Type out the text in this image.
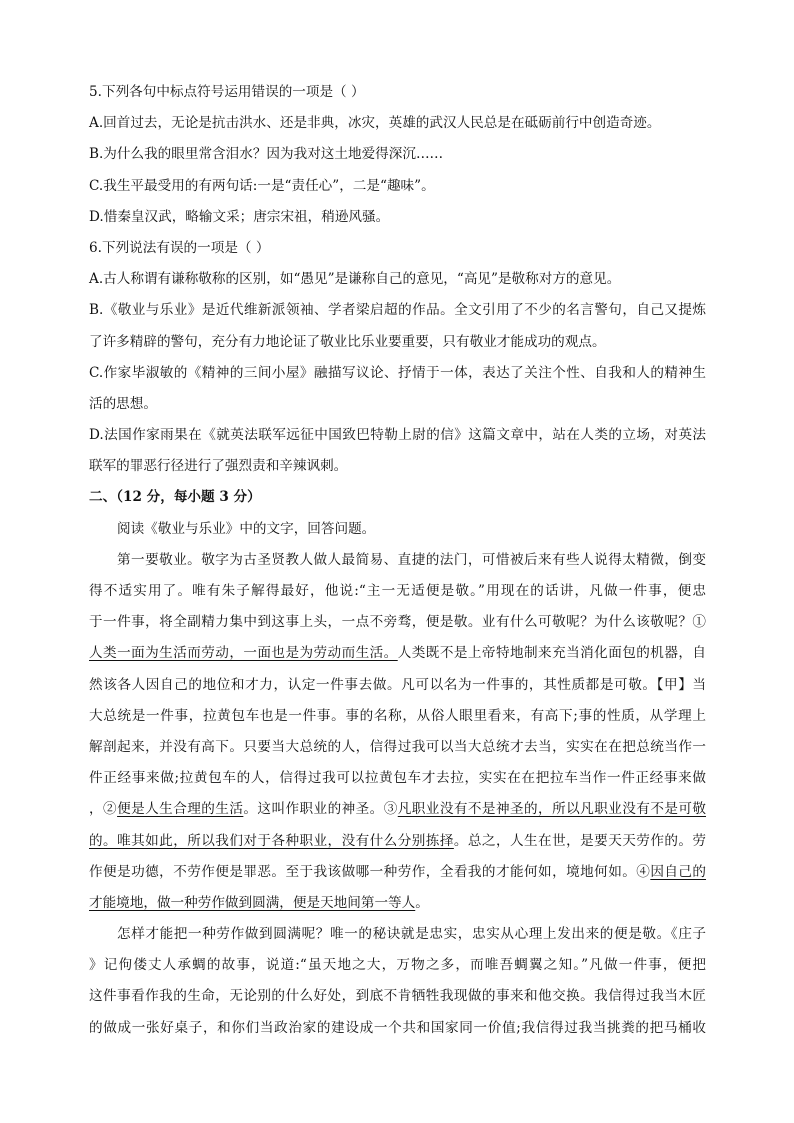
5.下列各句中标点符号运用错误的一项是（ ）
A.回首过去，无论是抗击洪水、还是非典，冰灾，英雄的武汉人民总是在砥砺前行中创造奇迹。
B.为什么我的眼里常含泪水？因为我对这土地爱得深沉……
C.我生平最受用的有两句话:一是“责任心”，二是“趣味”。
D.惜秦皇汉武，略输文采；唐宗宋祖，稍逊风骚。
6.下列说法有误的一项是（ ）
A.古人称谓有谦称敬称的区别，如“愚见”是谦称自己的意见，“高见”是敬称对方的意见。
B.《敬业与乐业》是近代维新派领袖、学者梁启超的作品。全文引用了不少的名言警句，自己又提炼
了许多精辟的警句，充分有力地论证了敬业比乐业要重要，只有敬业才能成功的观点。
C.作家毕淑敏的《精神的三间小屋》融描写议论、抒情于一体，表达了关注个性、自我和人的精神生
活的思想。
D.法国作家雨果在《就英法联军远征中国致巴特勒上尉的信》这篇文章中，站在人类的立场，对英法
联军的罪恶行径进行了强烈责和辛辣讽刺。
二、（12 分，每小题 3 分）
阅读《敬业与乐业》中的文字，回答问题。
第一要敬业。敬字为古圣贤教人做人最简易、直捷的法门，可惜被后来有些人说得太精微，倒变
得不适实用了。唯有朱子解得最好，他说:“主一无适便是敬。”用现在的话讲，凡做一件事，便忠
于一件事，将全副精力集中到这事上头，一点不旁骛，便是敬。业有什么可敬呢？为什么该敬呢？①
人类一面为生活而劳动，一面也是为劳动而生活。人类既不是上帝特地制来充当消化面包的机器，自
然该各人因自己的地位和才力，认定一件事去做。凡可以名为一件事的，其性质都是可敬。【甲】当
大总统是一件事，拉黄包车也是一件事。事的名称，从俗人眼里看来，有高下;事的性质，从学理上
解剖起来，并没有高下。只要当大总统的人，信得过我可以当大总统才去当，实实在在把总统当作一
件正经事来做;拉黄包车的人，信得过我可以拉黄包车才去拉，实实在在把拉车当作一件正经事来做
，②便是人生合理的生活。这叫作职业的神圣。③凡职业没有不是神圣的，所以凡职业没有不是可敬
的。唯其如此，所以我们对于各种职业，没有什么分别拣择。总之，人生在世，是要天天劳作的。劳
作便是功德，不劳作便是罪恶。至于我该做哪一种劳作，全看我的才能何如，境地何如。④因自己的
才能境地，做一种劳作做到圆满，便是天地间第一等人。
怎样才能把一种劳作做到圆满呢？唯一的秘诀就是忠实，忠实从心理上发出来的便是敬。《庄子
》记佝偻丈人承蜩的故事，说道:“虽天地之大，万物之多，而唯吾蜩翼之知。”凡做一件事，便把
这件事看作我的生命，无论别的什么好处，到底不肯牺牲我现做的事来和他交换。我信得过我当木匠
的做成一张好桌子，和你们当政治家的建设成一个共和国家同一价值;我信得过我当挑粪的把马桶收
